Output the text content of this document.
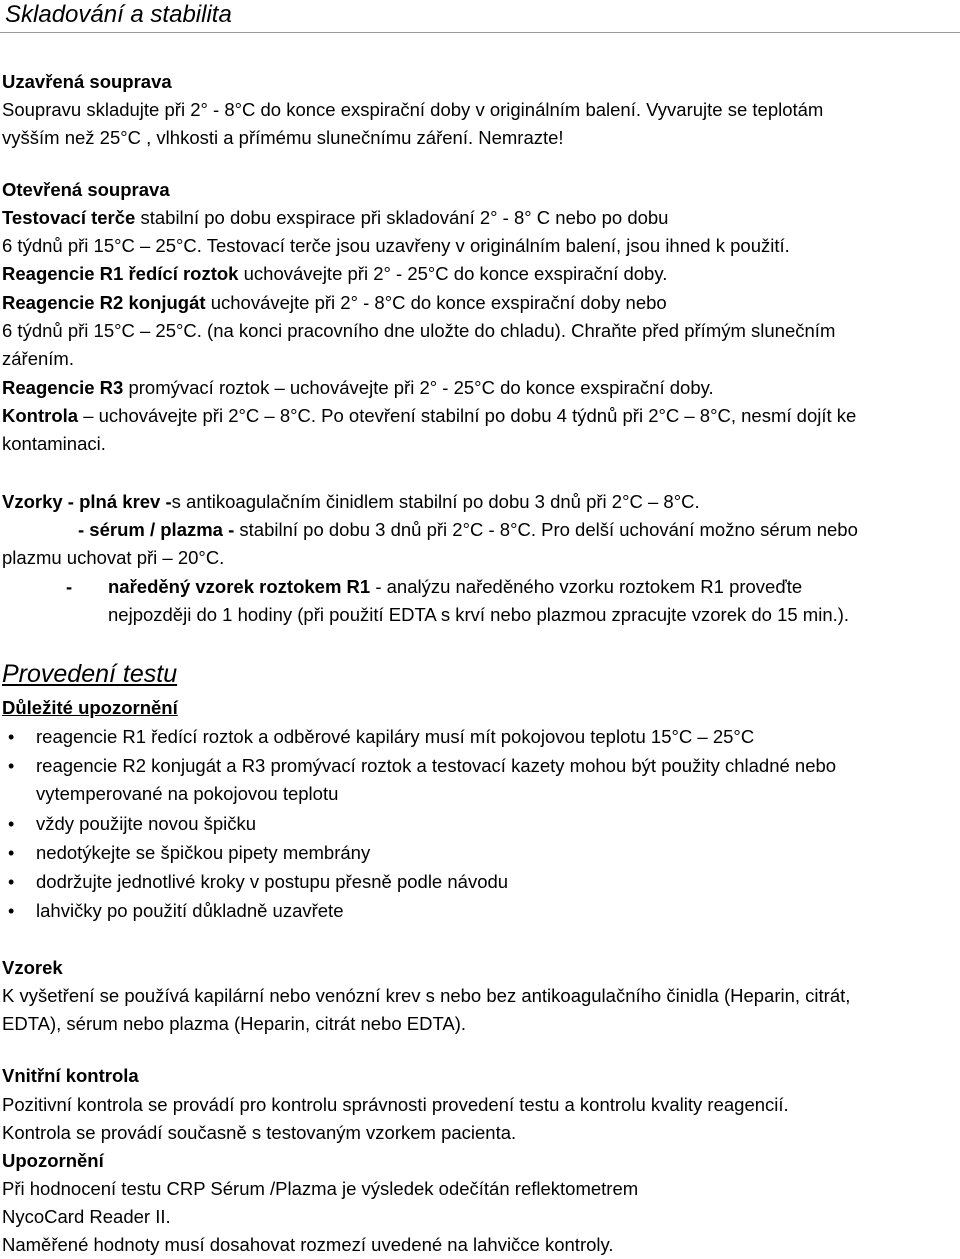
Skladování a stabilita
Uzavřená souprava
Soupravu skladujte při 2° - 8°C do konce exspirační doby v originálním balení. Vyvarujte se teplotám
vyšším než 25°C , vlhkosti a přímému slunečnímu záření. Nemrazte!
Otevřená souprava
Testovací terče stabilní po dobu exspirace při skladování 2° - 8° C nebo po dobu
6 týdnů při 15°C – 25°C. Testovací terče jsou uzavřeny v originálním balení, jsou ihned k použití.
Reagencie R1 ředící roztok uchovávejte při 2° - 25°C do konce exspirační doby.
Reagencie R2 konjugát uchovávejte při 2° - 8°C do konce exspirační doby nebo
6 týdnů při 15°C – 25°C. (na konci pracovního dne uložte do chladu). Chraňte před přímým slunečním
zářením.
Reagencie R3 promývací roztok – uchovávejte při 2° - 25°C do konce exspirační doby.
Kontrola – uchovávejte při 2°C – 8°C. Po otevření stabilní po dobu 4 týdnů při 2°C – 8°C, nesmí dojít ke
kontaminaci.
Vzorky - plná krev -s antikoagulačním činidlem stabilní po dobu 3 dnů při 2°C – 8°C.
- sérum / plazma - stabilní po dobu 3 dnů při 2°C - 8°C. Pro delší uchování možno sérum nebo
plazmu uchovat při – 20°C.
- naředěný vzorek roztokem R1 - analýzu naředěného vzorku roztokem R1 proveďte
nejpozději do 1 hodiny (při použití EDTA s krví nebo plazmou zpracujte vzorek do 15 min.).
Provedení testu
Důležité upozornění
• reagencie R1 ředící roztok a odběrové kapiláry musí mít pokojovou teplotu 15°C – 25°C
• reagencie R2 konjugát a R3 promývací roztok a testovací kazety mohou být použity chladné nebo
vytemperované na pokojovou teplotu
• vždy použijte novou špičku
• nedotýkejte se špičkou pipety membrány
• dodržujte jednotlivé kroky v postupu přesně podle návodu
• lahvičky po použití důkladně uzavřete
Vzorek
K vyšetření se používá kapilární nebo venózní krev s nebo bez antikoagulačního činidla (Heparin, citrát,
EDTA), sérum nebo plazma (Heparin, citrát nebo EDTA).
Vnitřní kontrola
Pozitivní kontrola se provádí pro kontrolu správnosti provedení testu a kontrolu kvality reagencií.
Kontrola se provádí současně s testovaným vzorkem pacienta.
Upozornění
Při hodnocení testu CRP Sérum /Plazma je výsledek odečítán reflektometrem
NycoCard Reader II.
Naměřené hodnoty musí dosahovat rozmezí uvedené na lahvičce kontroly.
